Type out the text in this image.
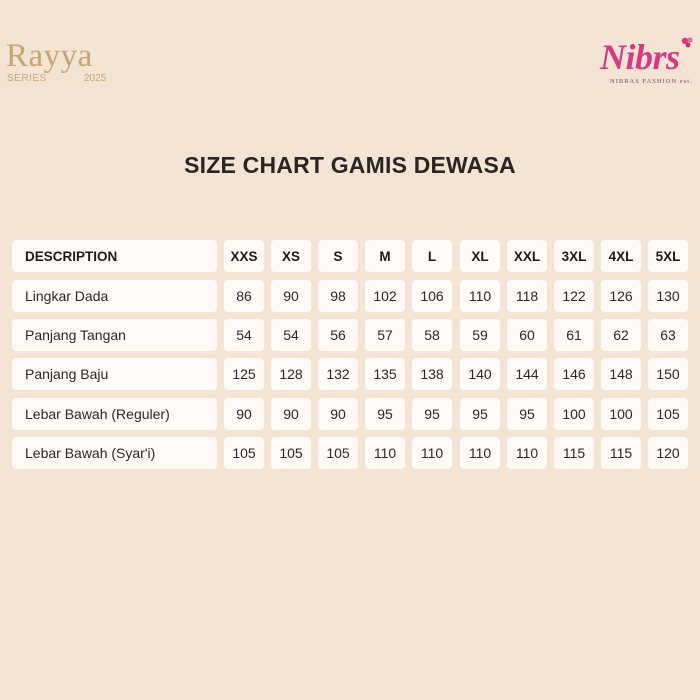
Rayya
SERIES	2025
Nibrs
NIBRAS FASHION est.
SIZE CHART GAMIS DEWASA
DESCRIPTION	XXS	XS	S	M	L	XL	XXL	3XL	4XL	5XL
Lingkar Dada	86	90	98	102	106	110	118	122	126	130
Panjang Tangan	54	54	56	57	58	59	60	61	62	63
Panjang Baju	125	128	132	135	138	140	144	146	148	150
Lebar Bawah (Reguler)	90	90	90	95	95	95	95	100	100	105
Lebar Bawah (Syar'i)	105	105	105	110	110	110	110	115	115	120
